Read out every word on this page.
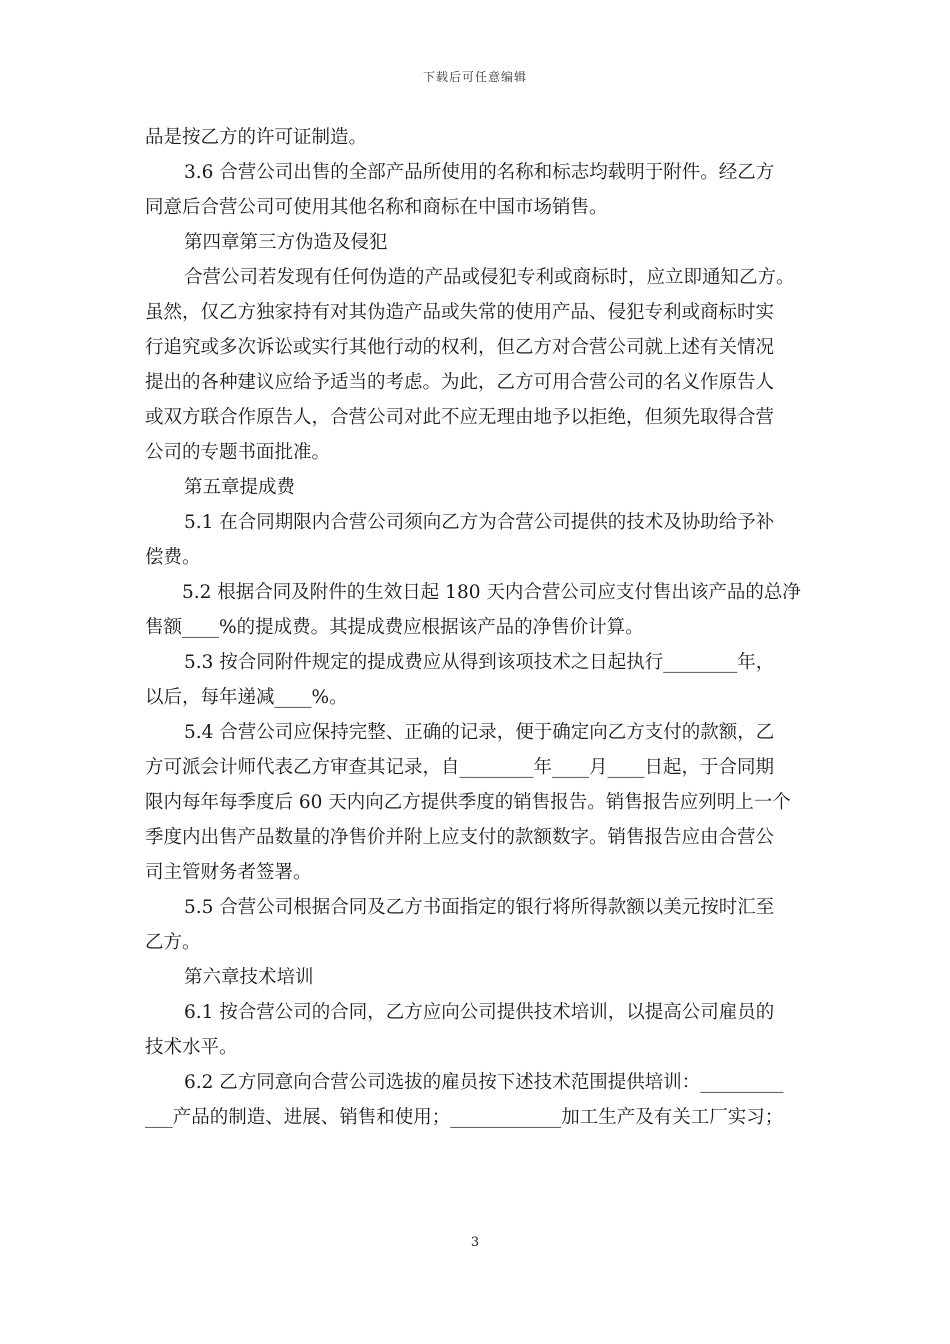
下载后可任意编辑
品是按乙方的许可证制造。
3.6 合营公司出售的全部产品所使用的名称和标志均载明于附件。经乙方
同意后合营公司可使用其他名称和商标在中国市场销售。
第四章第三方伪造及侵犯
合营公司若发现有任何伪造的产品或侵犯专利或商标时，应立即通知乙方。
虽然，仅乙方独家持有对其伪造产品或失常的使用产品、侵犯专利或商标时实
行追究或多次诉讼或实行其他行动的权利，但乙方对合营公司就上述有关情况
提出的各种建议应给予适当的考虑。为此，乙方可用合营公司的名义作原告人
或双方联合作原告人，合营公司对此不应无理由地予以拒绝，但须先取得合营
公司的专题书面批准。
第五章提成费
5.1 在合同期限内合营公司须向乙方为合营公司提供的技术及协助给予补
偿费。
5.2 根据合同及附件的生效日起 180 天内合营公司应支付售出该产品的总净
售额____%的提成费。其提成费应根据该产品的净售价计算。
5.3 按合同附件规定的提成费应从得到该项技术之日起执行________年，
以后，每年递减____%。
5.4 合营公司应保持完整、正确的记录，便于确定向乙方支付的款额，乙
方可派会计师代表乙方审查其记录，自________年____月____日起，于合同期
限内每年每季度后 60 天内向乙方提供季度的销售报告。销售报告应列明上一个
季度内出售产品数量的净售价并附上应支付的款额数字。销售报告应由合营公
司主管财务者签署。
5.5 合营公司根据合同及乙方书面指定的银行将所得款额以美元按时汇至
乙方。
第六章技术培训
6.1 按合营公司的合同，乙方应向公司提供技术培训，以提高公司雇员的
技术水平。
6.2 乙方同意向合营公司选拔的雇员按下述技术范围提供培训：_________
___产品的制造、进展、销售和使用；____________加工生产及有关工厂实习；
3
